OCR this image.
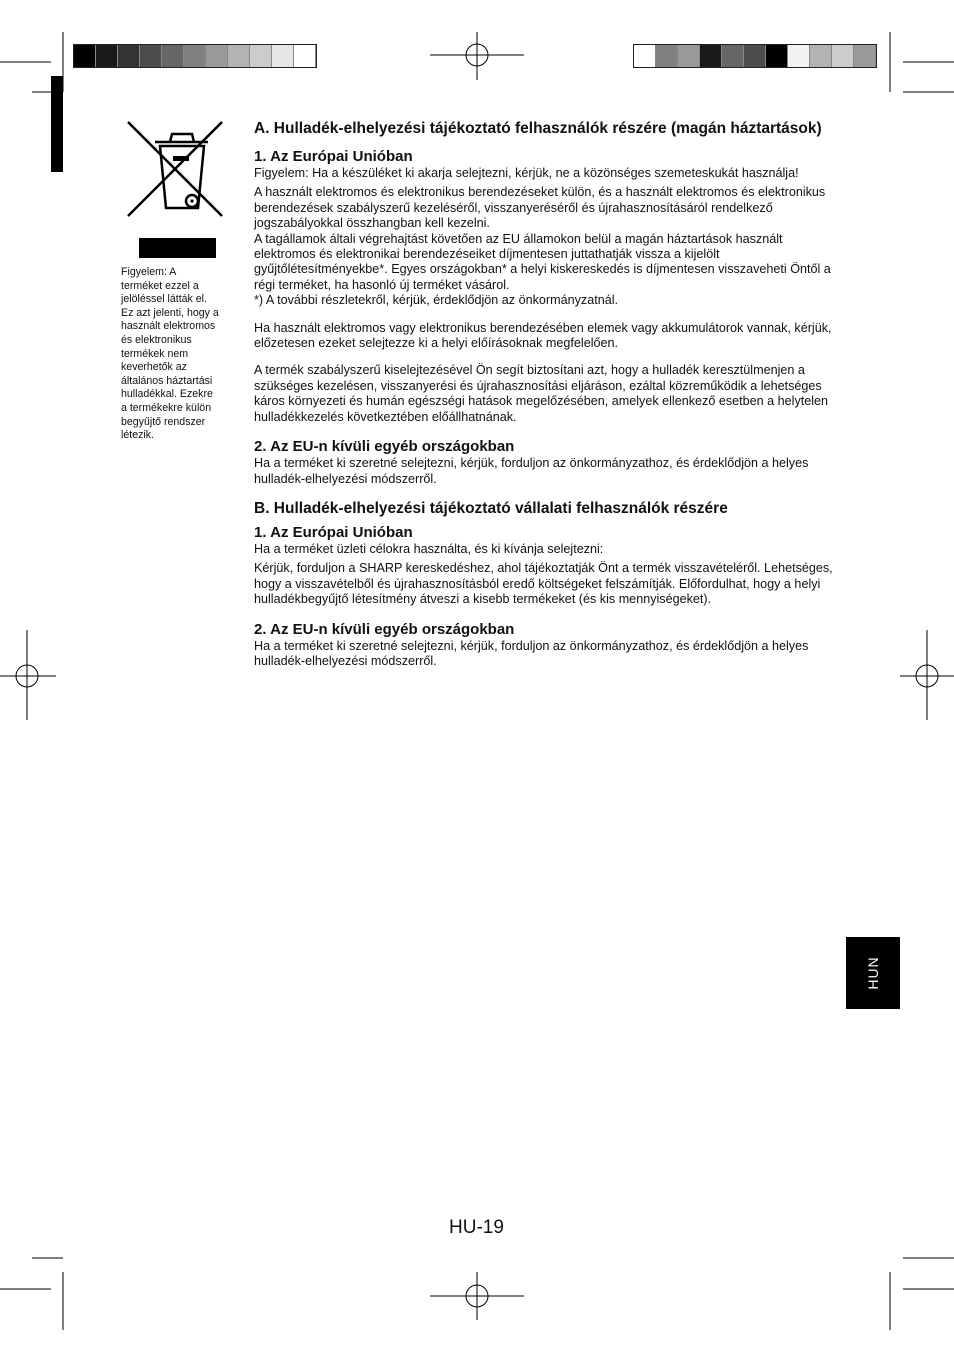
Figyelem: A
termék​et ezzel a
jelöléssel látták el.
Ez azt jelenti, hogy a
használt elektromos
és elektronikus
termékek nem
keverhetők az
általános háztartási
hulladékkal. Ezekre
a termékekre külön
begyűjtő rendszer
létezik.
A. Hulladék-elhelyezési tájékoztató felhasználók részére (magán háztartások)
1. Az Európai Unióban

Figyelem: Ha a készüléket ki akarja selejtezni, kérjük, ne a közönséges szemeteskukát használja!

A használt elektromos és elektronikus berendezéseket külön, és a használt elektromos és elektronikus berendezések szabályszerű kezeléséről, visszanyeréséről és újrahasznosításáról rendelkező jogszabályokkal összhangban kell kezelni.

A tagállamok általi végrehajtást követően az EU államokon belül a magán háztartások használt elektromos és elektronikai berendezéseiket díjmentesen juttathatják vissza a kijelölt gyűjtőlétesítményekbe*. Egyes országokban* a helyi kiskereskedés is díjmentesen visszaveheti Öntől a régi terméket, ha hasonló új terméket vásárol.

*) A további részletekről, kérjük, érdeklődjön az önkormányzatnál.

Ha használt elektromos vagy elektronikus berendezésében elemek vagy akkumulátorok vannak, kérjük, előzetesen ezeket selejtezze ki a helyi előírásoknak megfelelően.

A termék szabályszerű kiselejtezésével Ön segít biztosítani azt, hogy a hulladék keresztülmenjen a szükséges kezelésen, visszanyerési és újrahasznosítási eljáráson, ezáltal közreműködik a lehetséges káros környezeti és humán egészségi hatások megelőzésében, amelyek ellenkező esetben a helytelen hulladékkezelés következtében előállhatnának.

2. Az EU-n kívüli egyéb országokban

Ha a terméket ki szeretné selejtezni, kérjük, forduljon az önkormányzathoz, és érdeklődjön a helyes hulladék-elhelyezési módszerről.

B. Hulladék-elhelyezési tájékoztató vállalati felhasználók részére
1. Az Európai Unióban

Ha a terméket üzleti célokra használta, és ki kívánja selejtezni:

Kérjük, forduljon a SHARP kereskedéshez, ahol tájékoztatják Önt a termék visszavételéről. Lehetséges, hogy a visszavételből és újrahasznosításból eredő költségeket felszámítják. Előfordulhat, hogy a helyi hulladékbegyűjtő létesítmény átveszi a kisebb termékeket (és kis mennyiségeket).

2. Az EU-n kívüli egyéb országokban

Ha a terméket ki szeretné selejtezni, kérjük, forduljon az önkormányzathoz, és érdeklődjön a helyes hulladék-elhelyezési módszerről.

HUN
HU-19
